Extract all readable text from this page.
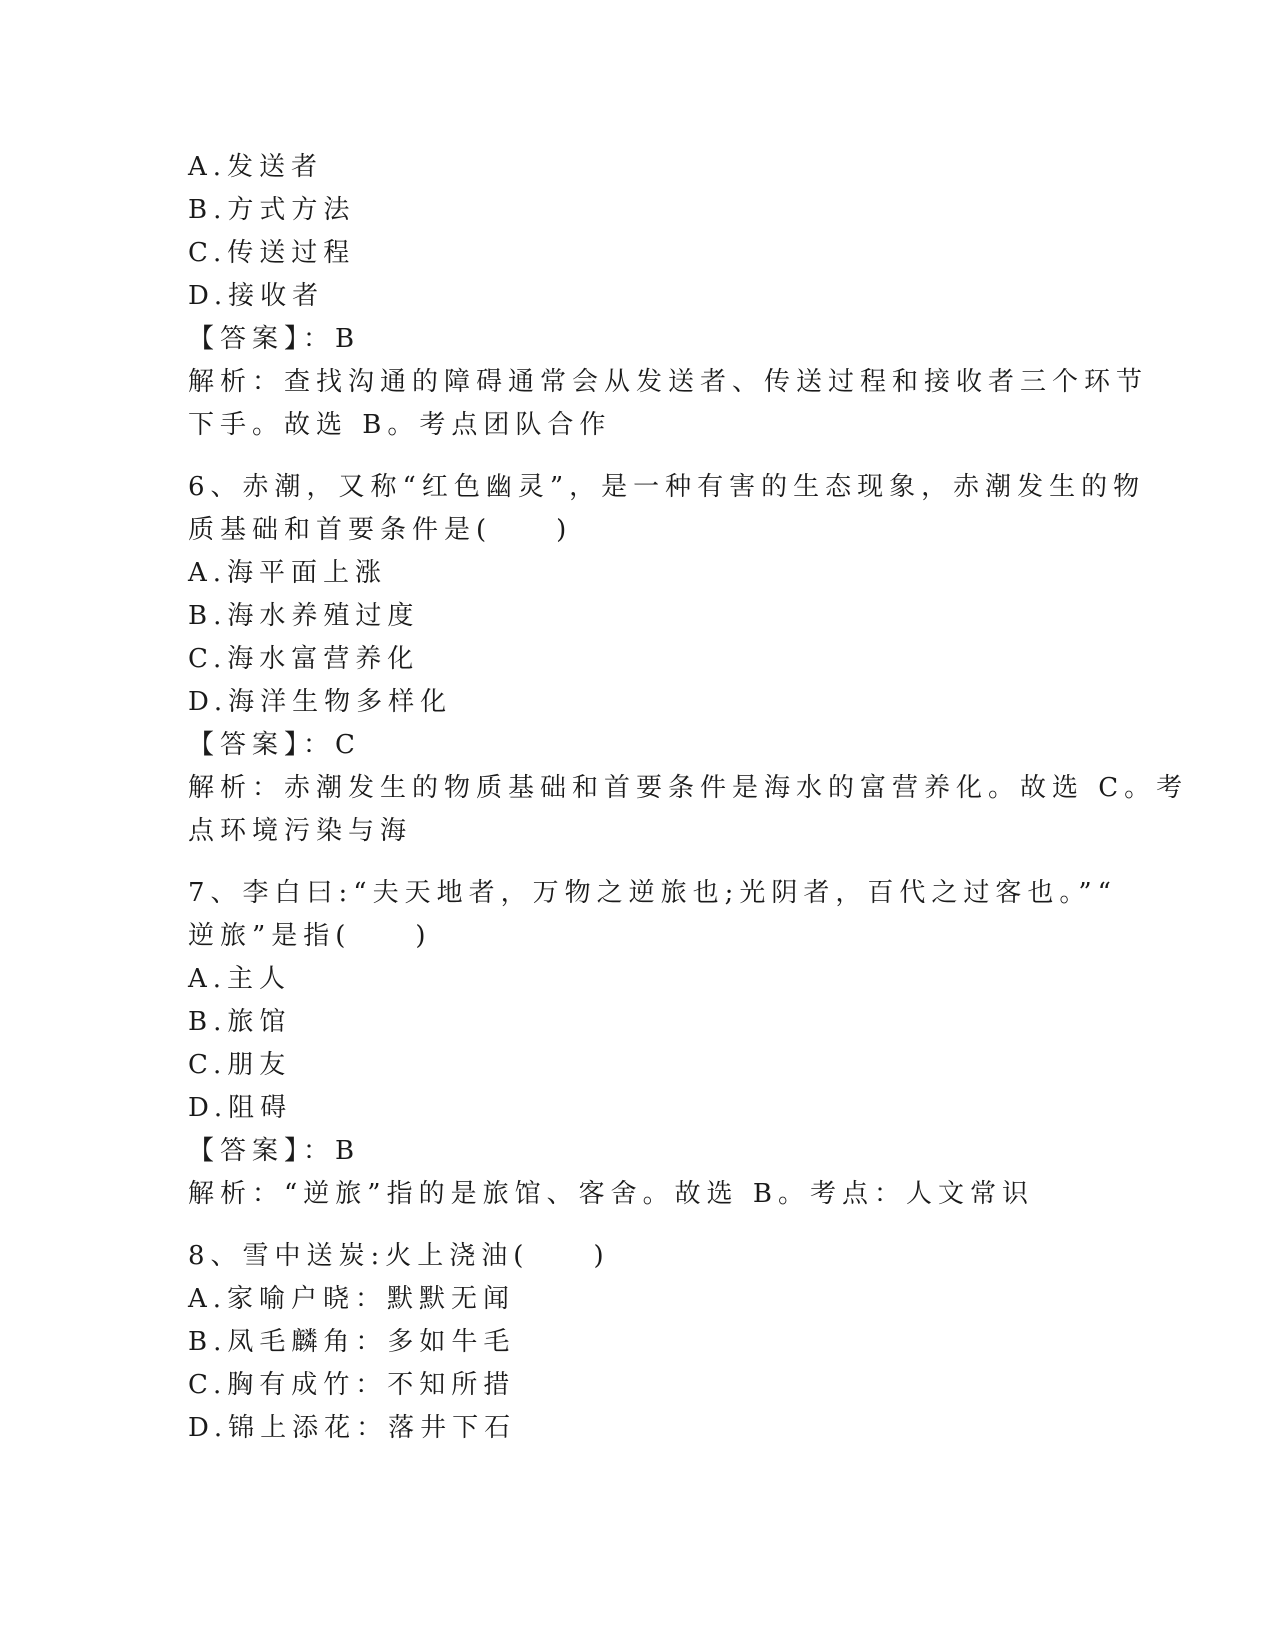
A.发送者
B.方式方法
C.传送过程
D.接收者
【答案】：B
解析：查找沟通的障碍通常会从发送者、传送过程和接收者三个环节
下手。故选 B。考点团队合作
6、赤潮，又称“红色幽灵”，是一种有害的生态现象，赤潮发生的物
质基础和首要条件是(　　)
A.海平面上涨
B.海水养殖过度
C.海水富营养化
D.海洋生物多样化
【答案】：C
解析：赤潮发生的物质基础和首要条件是海水的富营养化。故选 C。考
点环境污染与海
7、李白曰:“夫天地者，万物之逆旅也;光阴者，百代之过客也。”“
逆旅”是指(　　)
A.主人
B.旅馆
C.朋友
D.阻碍
【答案】：B
解析：“逆旅”指的是旅馆、客舍。故选 B。考点：人文常识
8、雪中送炭:火上浇油(　　)
A.家喻户晓：默默无闻
B.凤毛麟角：多如牛毛
C.胸有成竹：不知所措
D.锦上添花：落井下石
